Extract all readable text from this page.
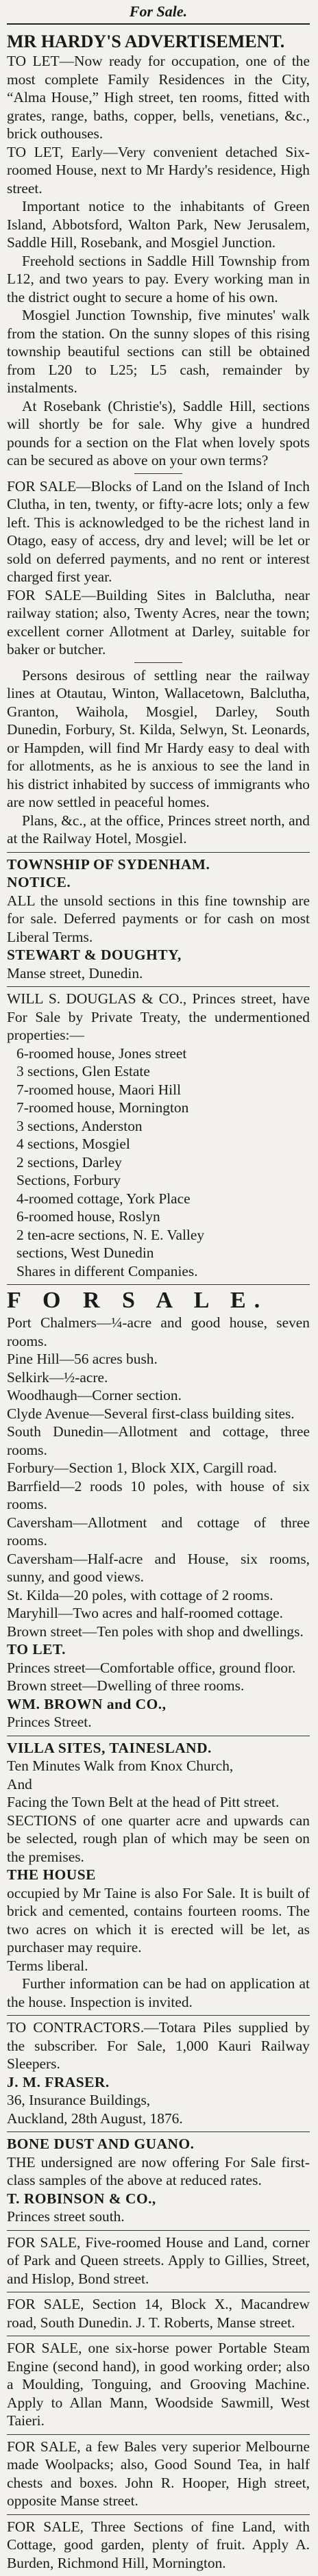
For Sale.

MR HARDY'S ADVERTISEMENT.

TO LET—Now ready for occupation, one of the most complete Family Residences in the City, “Alma House,” High street, ten rooms, fitted with grates, range, baths, copper, bells, venetians, &c., brick outhouses.

TO LET, Early—Very convenient detached Six-roomed House, next to Mr Hardy's residence, High street.

Important notice to the inhabitants of Green Island, Abbotsford, Walton Park, New Jerusalem, Saddle Hill, Rosebank, and Mosgiel Junction.

Freehold sections in Saddle Hill Township from L12, and two years to pay. Every working man in the district ought to secure a home of his own.

Mosgiel Junction Township, five minutes' walk from the station. On the sunny slopes of this rising township beautiful sections can still be obtained from L20 to L25; L5 cash, remainder by instalments.

At Rosebank (Christie's), Saddle Hill, sections will shortly be for sale. Why give a hundred pounds for a section on the Flat when lovely spots can be secured as above on your own terms?

FOR SALE—Blocks of Land on the Island of Inch Clutha, in ten, twenty, or fifty-acre lots; only a few left. This is acknowledged to be the richest land in Otago, easy of access, dry and level; will be let or sold on deferred payments, and no rent or interest charged first year.

FOR SALE—Building Sites in Balclutha, near railway station; also, Twenty Acres, near the town; excellent corner Allotment at Darley, suitable for baker or butcher.

Persons desirous of settling near the railway lines at Otautau, Winton, Wallacetown, Balclutha, Granton, Waihola, Mosgiel, Darley, South Dunedin, Forbury, St. Kilda, Selwyn, St. Leonards, or Hampden, will find Mr Hardy easy to deal with for allotments, as he is anxious to see the land in his district inhabited by success of immigrants who are now settled in peaceful homes.

Plans, &c., at the office, Princes street north, and at the Railway Hotel, Mosgiel.

TOWNSHIP OF SYDENHAM.

NOTICE.

ALL the unsold sections in this fine township are for sale. Deferred payments or for cash on most Liberal Terms.

STEWART & DOUGHTY,

Manse street, Dunedin.

WILL S. DOUGLAS & CO., Princes street, have For Sale by Private Treaty, the undermentioned properties:—

6-roomed house, Jones street

3 sections, Glen Estate

7-roomed house, Maori Hill

7-roomed house, Mornington

3 sections, Anderston

4 sections, Mosgiel

2 sections, Darley

Sections, Forbury

4-roomed cottage, York Place

6-roomed house, Roslyn

2 ten-acre sections, N. E. Valley

sections, West Dunedin

Shares in different Companies.

F O R S A L E.

Port Chalmers—¼-acre and good house, seven rooms.

Pine Hill—56 acres bush.

Selkirk—½-acre.

Woodhaugh—Corner section.

Clyde Avenue—Several first-class building sites.

South Dunedin—Allotment and cottage, three rooms.

Forbury—Section 1, Block XIX, Cargill road.

Barrfield—2 roods 10 poles, with house of six rooms.

Caversham—Allotment and cottage of three rooms.

Caversham—Half-acre and House, six rooms, sunny, and good views.

St. Kilda—20 poles, with cottage of 2 rooms.

Maryhill—Two acres and half-roomed cottage.

Brown street—Ten poles with shop and dwellings.

TO LET.

Princes street—Comfortable office, ground floor.

Brown street—Dwelling of three rooms.

WM. BROWN and CO.,

Princes Street.

VILLA SITES, TAINESLAND.

Ten Minutes Walk from Knox Church,

And

Facing the Town Belt at the head of Pitt street.

SECTIONS of one quarter acre and upwards can be selected, rough plan of which may be seen on the premises.

THE HOUSE

occupied by Mr Taine is also For Sale. It is built of brick and cemented, contains fourteen rooms. The two acres on which it is erected will be let, as purchaser may require.

Terms liberal.

Further information can be had on application at the house. Inspection is invited.

TO CONTRACTORS.—Totara Piles supplied by the subscriber. For Sale, 1,000 Kauri Railway Sleepers.

J. M. FRASER.

36, Insurance Buildings,

Auckland, 28th August, 1876.

BONE DUST AND GUANO.

THE undersigned are now offering For Sale first-class samples of the above at reduced rates.

T. ROBINSON & CO.,

Princes street south.

FOR SALE, Five-roomed House and Land, corner of Park and Queen streets. Apply to Gillies, Street, and Hislop, Bond street.

FOR SALE, Section 14, Block X., Macandrew road, South Dunedin. J. T. Roberts, Manse street.

FOR SALE, one six-horse power Portable Steam Engine (second hand), in good working order; also a Moulding, Tonguing, and Grooving Machine. Apply to Allan Mann, Woodside Sawmill, West Taieri.

FOR SALE, a few Bales very superior Melbourne made Woolpacks; also, Good Sound Tea, in half chests and boxes. John R. Hooper, High street, opposite Manse street.

FOR SALE, Three Sections of fine Land, with Cottage, good garden, plenty of fruit. Apply A. Burden, Richmond Hill, Mornington.
